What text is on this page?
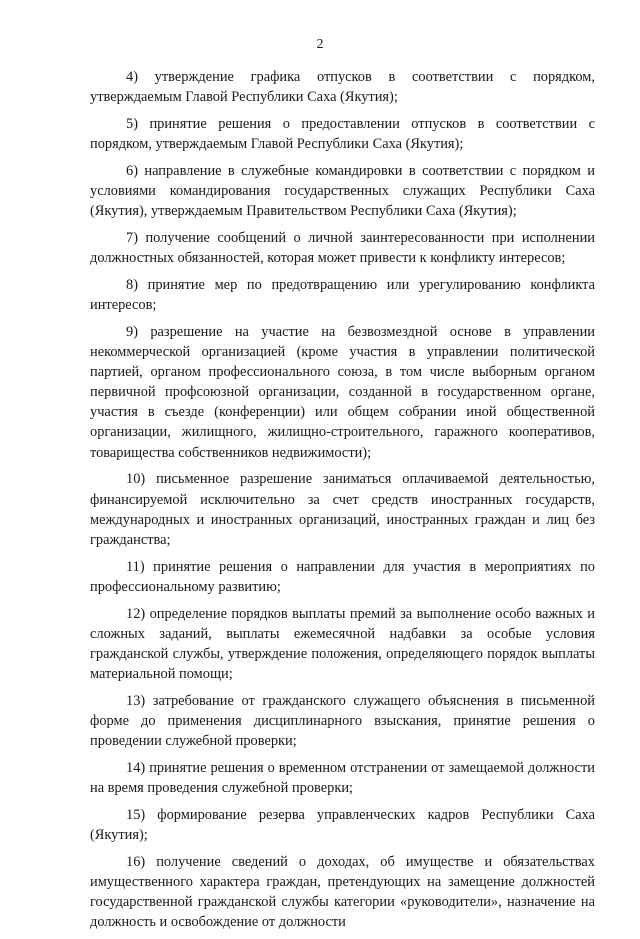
2

4) утверждение графика отпусков в соответствии с порядком, утверждаемым Главой Республики Саха (Якутия);

5) принятие решения о предоставлении отпусков в соответствии с порядком, утверждаемым Главой Республики Саха (Якутия);

6) направление в служебные командировки в соответствии с порядком и условиями командирования государственных служащих Республики Саха (Якутия), утверждаемым Правительством Республики Саха (Якутия);

7) получение сообщений о личной заинтересованности при исполнении должностных обязанностей, которая может привести к конфликту интересов;

8) принятие мер по предотвращению или урегулированию конфликта интересов;

9) разрешение на участие на безвозмездной основе в управлении некоммерческой организацией (кроме участия в управлении политической партией, органом профессионального союза, в том числе выборным органом первичной профсоюзной организации, созданной в государственном органе, участия в съезде (конференции) или общем собрании иной общественной организации, жилищного, жилищно-строительного, гаражного кооперативов, товарищества собственников недвижимости);

10) письменное разрешение заниматься оплачиваемой деятельностью, финансируемой исключительно за счет средств иностранных государств, международных и иностранных организаций, иностранных граждан и лиц без гражданства;

11) принятие решения о направлении для участия в мероприятиях по профессиональному развитию;

12) определение порядков выплаты премий за выполнение особо важных и сложных заданий, выплаты ежемесячной надбавки за особые условия гражданской службы, утверждение положения, определяющего порядок выплаты материальной помощи;

13) затребование от гражданского служащего объяснения в письменной форме до применения дисциплинарного взыскания, принятие решения о проведении служебной проверки;

14) принятие решения о временном отстранении от замещаемой должности на время проведения служебной проверки;

15) формирование резерва управленческих кадров Республики Саха (Якутия);

16) получение сведений о доходах, об имуществе и обязательствах имущественного характера граждан, претендующих на замещение должностей государственной гражданской службы категории «руководители», назначение на должность и освобождение от должности
